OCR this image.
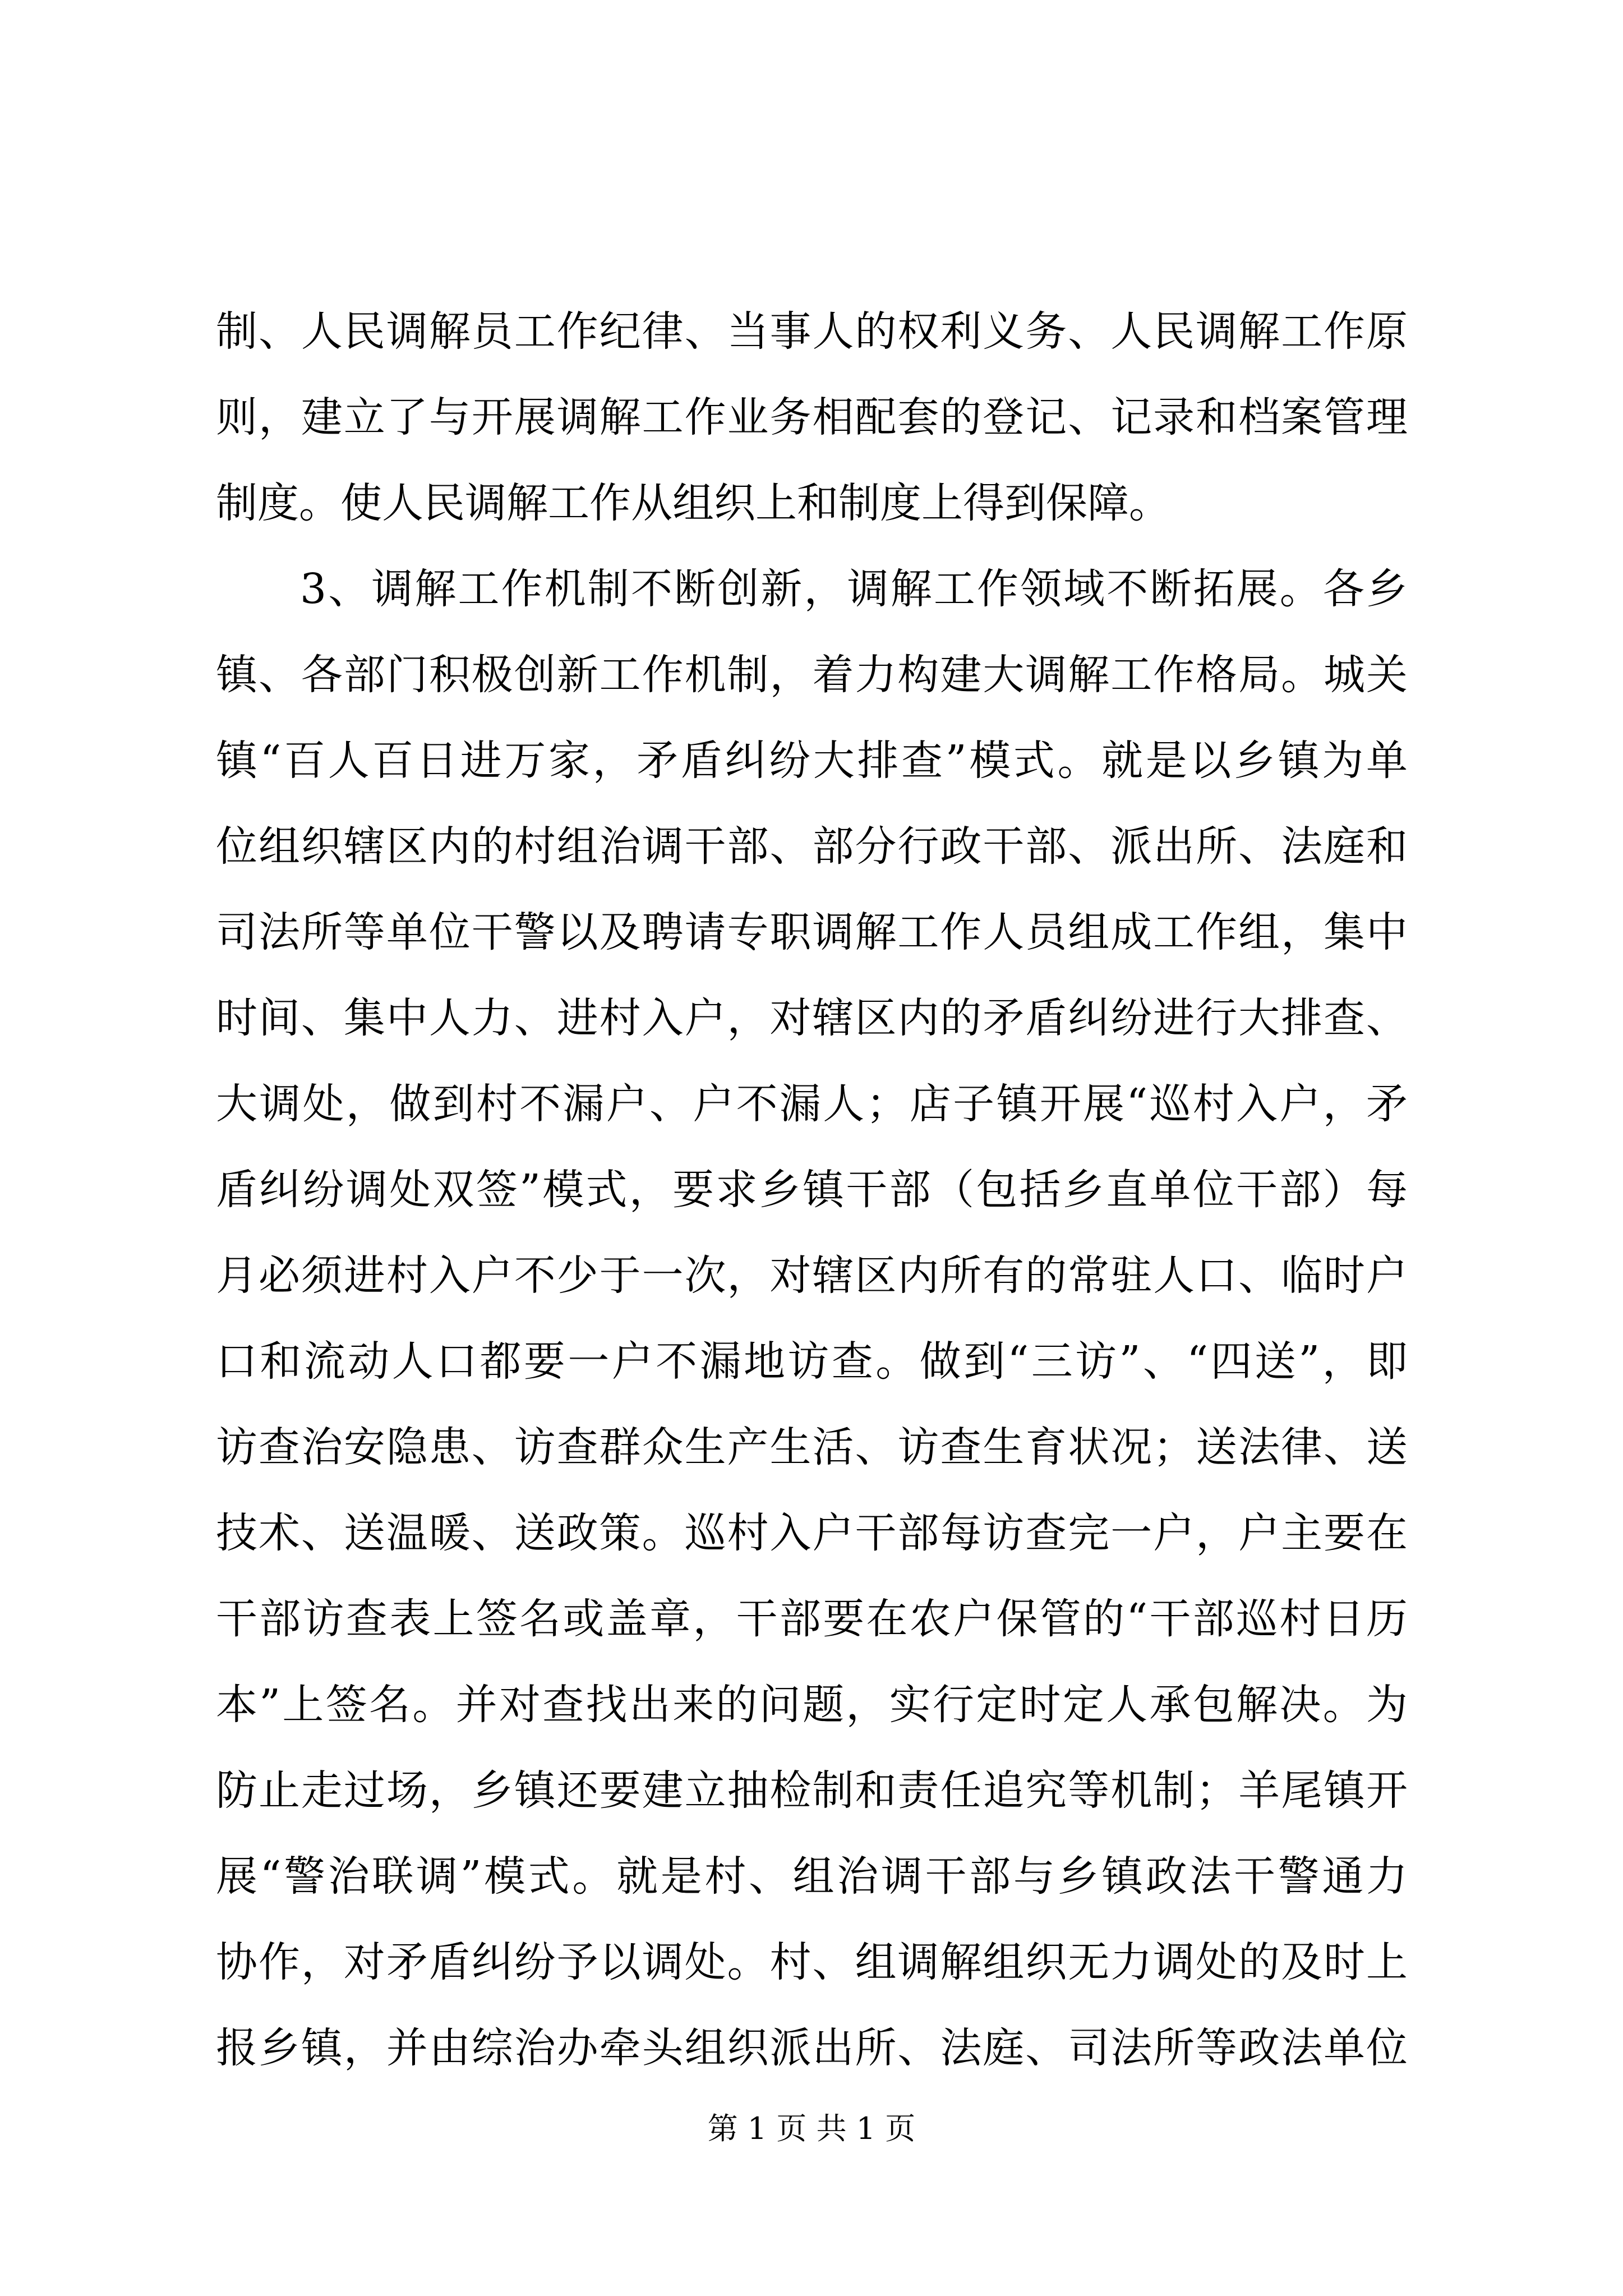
制、人民调解员工作纪律、当事人的权利义务、人民调解工作原
则，建立了与开展调解工作业务相配套的登记、记录和档案管理
制度。使人民调解工作从组织上和制度上得到保障。
3、调解工作机制不断创新，调解工作领域不断拓展。各乡
镇、各部门积极创新工作机制，着力构建大调解工作格局。城关
镇“百人百日进万家，矛盾纠纷大排查”模式。就是以乡镇为单
位组织辖区内的村组治调干部、部分行政干部、派出所、法庭和
司法所等单位干警以及聘请专职调解工作人员组成工作组，集中
时间、集中人力、进村入户，对辖区内的矛盾纠纷进行大排查、
大调处，做到村不漏户、户不漏人；店子镇开展“巡村入户，矛
盾纠纷调处双签”模式，要求乡镇干部（包括乡直单位干部）每
月必须进村入户不少于一次，对辖区内所有的常驻人口、临时户
口和流动人口都要一户不漏地访查。做到“三访”、“四送”，即
访查治安隐患、访查群众生产生活、访查生育状况；送法律、送
技术、送温暖、送政策。巡村入户干部每访查完一户，户主要在
干部访查表上签名或盖章，干部要在农户保管的“干部巡村日历
本”上签名。并对查找出来的问题，实行定时定人承包解决。为
防止走过场，乡镇还要建立抽检制和责任追究等机制；羊尾镇开
展“警治联调”模式。就是村、组治调干部与乡镇政法干警通力
协作，对矛盾纠纷予以调处。村、组调解组织无力调处的及时上
报乡镇，并由综治办牵头组织派出所、法庭、司法所等政法单位
第 1 页 共 1 页
